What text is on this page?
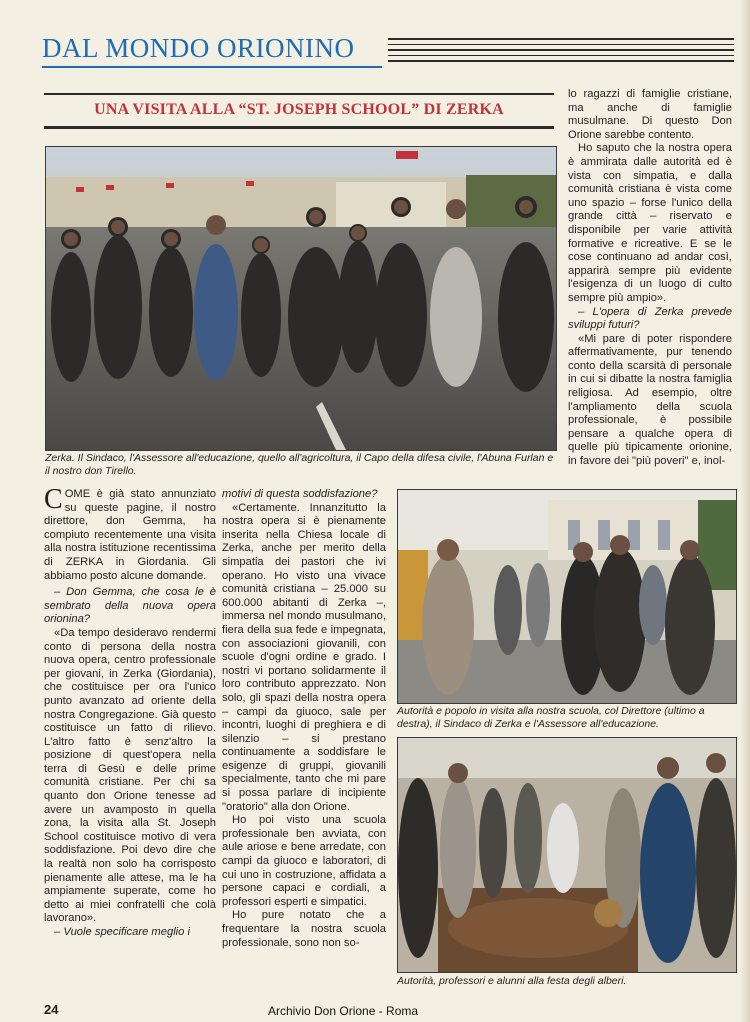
DAL MONDO ORIONINO
UNA VISITA ALLA “ST. JOSEPH SCHOOL” DI ZERKA
Zerka. Il Sindaco, l'Assessore all'educazione, quello all'agricoltura, il Capo della difesa civile, l'Abuna Furlan e il nostro don Tirello.

lo ragazzi di famiglie cristiane, ma anche di famiglie musulmane. Di questo Don Orione sarebbe contento.

Ho saputo che la nostra opera è ammirata dalle autorità ed è vista con simpatia, e dalla comunità cristiana è vista come uno spazio – forse l'unico della grande città – riservato e disponibile per varie attività formative e ricreative. E se le cose continuano ad andar così, apparirà sempre più evidente l'esigenza di un luogo di culto sempre più ampio».

– L'opera di Zerka prevede sviluppi futuri?

«Mi pare di poter rispondere affermativamente, pur tenendo conto della scarsità di personale in cui si dibatte la nostra famiglia religiosa. Ad esempio, oltre l'ampliamento della scuola professionale, è possibile pensare a qualche opera di quelle più tipicamente orionine, in favore dei "più poveri" e, inol-

COME è già stato annunziato su queste pagine, il nostro direttore, don Gemma, ha compiuto recentemente una visita alla nostra istituzione recentissima di ZERKA in Giordania. Gli abbiamo posto alcune domande.

– Don Gemma, che cosa le è sembrato della nuova opera orionina?

«Da tempo desideravo rendermi conto di persona della nostra nuova opera, centro professionale per giovani, in Zerka (Giordania), che costituisce per ora l'unico punto avanzato ad oriente della nostra Congregazione. Già questo costituisce un fatto di rilievo. L'altro fatto è senz'altro la posizione di quest'opera nella terra di Gesù e delle prime comunità cristiane. Per chi sa quanto don Orione tenesse ad avere un avamposto in quella zona, la visita alla St. Joseph School costituisce motivo di vera soddisfazione. Poi devo dire che la realtà non solo ha corrisposto pienamente alle attese, ma le ha ampiamente superate, come ho detto ai miei confratelli che colà lavorano».

– Vuole specificare meglio i

motivi di questa soddisfazione?

«Certamente. Innanzitutto la nostra opera si è pienamente inserita nella Chiesa locale di Zerka, anche per merito della simpatia dei pastori che ivi operano. Ho visto una vivace comunità cristiana – 25.000 su 600.000 abitanti di Zerka –, immersa nel mondo musulmano, fiera della sua fede e impegnata, con associazioni giovanili, con scuole d'ogni ordine e grado. I nostri vi portano solidarmente il loro contributo apprezzato. Non solo, gli spazi della nostra opera – campi da giuoco, sale per incontri, luoghi di preghiera e di silenzio – si prestano continuamente a soddisfare le esigenze di gruppi, giovanili specialmente, tanto che mi pare si possa parlare di incipiente "oratorio" alla don Orione.

Ho poi visto una scuola professionale ben avviata, con aule ariose e bene arredate, con campi da giuoco e laboratori, di cui uno in costruzione, affidata a persone capaci e cordiali, a professori esperti e simpatici.

Ho pure notato che a frequentare la nostra scuola professionale, sono non so-

Autorità e popolo in visita alla nostra scuola, col Direttore (ultimo a destra), il Sindaco di Zerka e l'Assessore all'educazione.
Autorità, professori e alunni alla festa degli alberi.
24	Archivio Don Orione - Roma
